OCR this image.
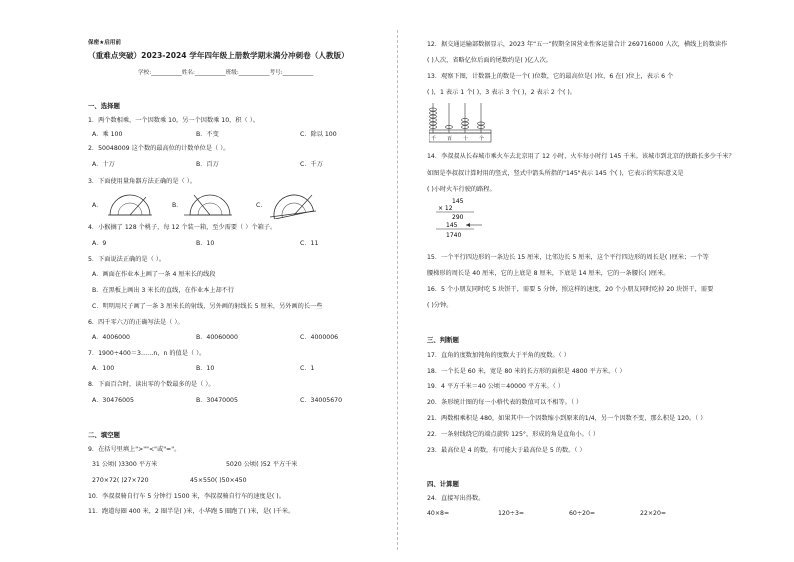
保密★启用前
（重难点突破）2023-2024 学年四年级上册数学期末满分冲刺卷（人教版）
学校:___________姓名:___________班级:___________考号:___________
一、选择题
1．两个数相乘，一个因数乘 10，另一个因数乘 10，积（ ）。
A．乘 100	B．不变	C．除以 100
2．50048009 这个数的最高位的计数单位是（ ）。
A．十万	B．百万	C．千万
3．下面使用量角器方法正确的是（ ）。
A．	B．	C．
4．小猴摘了 128 个桃子，每 12 个装一箱，至少需要（ ）个箱子。
A．9	B．10	C．11
5．下面说法正确的是（ ）。
A．画面在作业本上画了一条 4 厘米长的线段
B．在黑板上画出 3 米长的直线，在作业本上却不行
C．明明用尺子画了一条 3 厘米长的射线，另外画的射线长 5 厘米，另外画的长一些
6．四千零六万的正确写法是（ ）。
A．4006000	B．40060000	C．4000006
7．1900÷400＝3……n，n 的值是（ ）。
A．100	B．10	C．1
8．下面百合时，读出零的个数最多的是（ ）。
A．30476005	B．30470005	C．34005670
二、填空题
9．在括号里填上">""<"或"="。
31 公顷( )3300 平方米	5020 公顷( )52 平方千米
270×72( )27×720	45×550( )50×450
10．李叔叔骑自行车 5 分钟行 1500 米，李叔叔骑自行车的速度是( )。
11．跑道每圈 400 米，2 圈半是( )米，小华跑 5 圈跑了( )米，是( )千米。
12．据交通运输部数据显示，2023 年“五一”假期全国营业性客运量合计 269716000 人次，横线上的数读作
( )人次，省略亿位后面的尾数约是( )亿人次。
13．观察下图，计数器上的数是一个( )位数，它的最高位是( )位，6 在( )位上，表示 6 个
( )，1 表示 1 个( )，3 表示 3 个( )，2 表示 2 个( )。
千 百 十 个
14．李叔叔从长春城市乘火车去北京用了 12 小时，火车每小时行 145 千米。该城市到北京的铁路长多少千米？
如图是李叔叔计算时用的竖式，竖式中箭头所指的"145"表示 145 个( )，它表示的实际意义是
( )小时火车行驶的路程。
145
× 12
290
145
1740
15．一个平行四边形的一条边长 15 厘米，比邻边长 5 厘米，这个平行四边形的周长是( )厘米；一个等
腰梯形的周长是 40 厘米，它的上底是 8 厘米，下底是 14 厘米，它的一条腰长( )厘米。
16．5 个小朋友同时吃 5 块饼干，需要 5 分钟，照这样的速度，20 个小朋友同时吃掉 20 块饼干，需要
( )分钟。
三、判断题
17．直角的度数加钝角的度数大于平角的度数。（ ）
18．一个长是 60 米，宽是 80 米的长方形的面积是 4800 平方米。（ ）
19．4 平方千米＝40 公顷＝40000 平方米。（ ）
20．条形统计图的每一小格代表的数值可以不相等。（ ）
21．两数相乘积是 480，如果其中一个因数缩小到原来的1/4，另一个因数不变，那么积是 120。（ ）
22．一条射线绕它的端点旋转 125°，形成的角是直角小。（ ）
23．最高位是 4 的数，有可能大于最高位是 5 的数。（ ）
四、计算题
24．直接写出得数。
40×8=	120÷3=	60÷20=	22×20=
